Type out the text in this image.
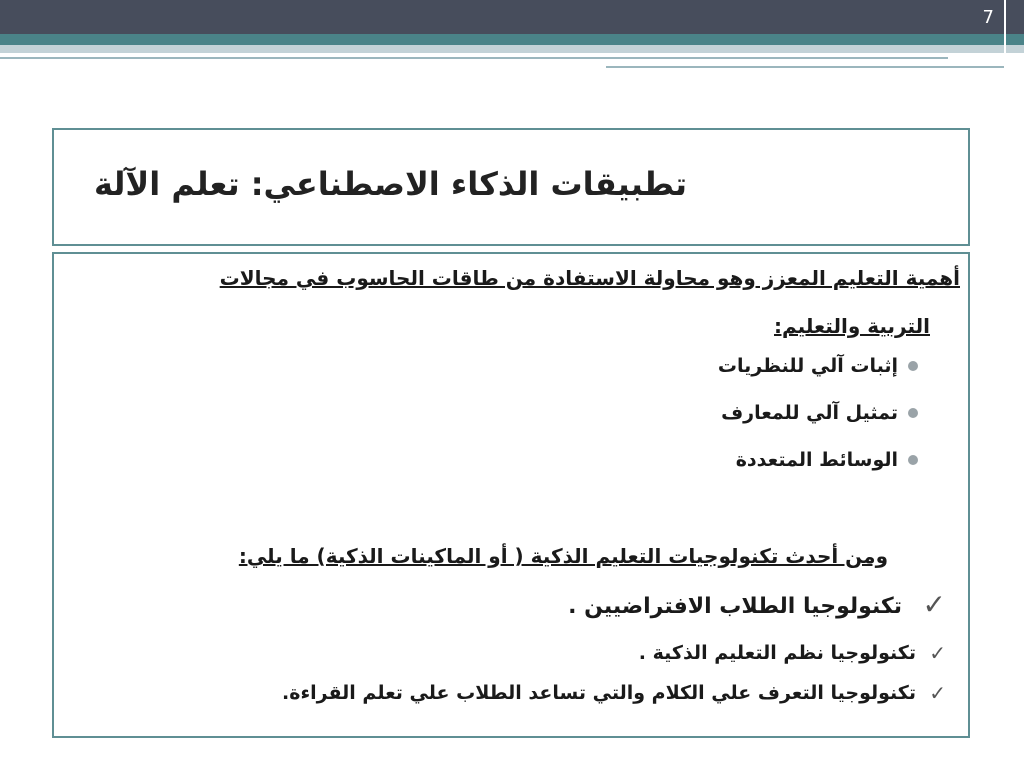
7
تطبيقات الذكاء الاصطناعي: تعلم الآلة
أهمية التعليم المعزز وهو محاولة الاستفادة من طاقات الحاسوب في مجالات
التربية والتعليم:
إثبات آلي للنظريات
تمثيل آلي للمعارف
الوسائط المتعددة
ومن أحدث تكنولوجيات التعليم الذكية ( أو الماكينات الذكية) ما يلي:
✓
تكنولوجيا الطلاب الافتراضيين .
✓
تكنولوجيا نظم التعليم الذكية .
✓
تكنولوجيا التعرف علي الكلام والتي تساعد الطلاب علي تعلم القراءة.
